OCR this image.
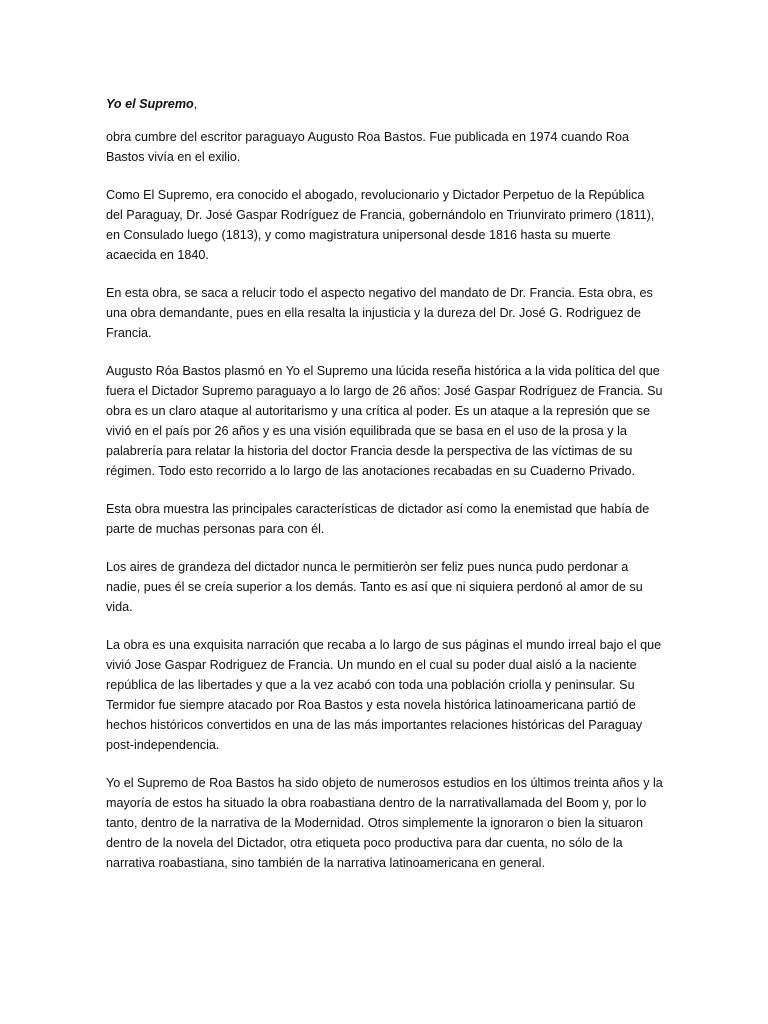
Yo el Supremo,

obra cumbre del escritor paraguayo Augusto Roa Bastos. Fue publicada en 1974 cuando Roa
Bastos vivía en el exilio.
Como El Supremo, era conocido el abogado, revolucionario y Dictador Perpetuo de la República
del Paraguay, Dr. José Gaspar Rodríguez de Francia, gobernándolo en Triunvirato primero (1811),
en Consulado luego (1813), y como magistratura unipersonal desde 1816 hasta su muerte
acaecida en 1840.
En esta obra, se saca a relucir todo el aspecto negativo del mandato de Dr. Francia. Esta obra, es
una obra demandante, pues en ella resalta la injusticia y la dureza del Dr. José G. Rodriguez de
Francia.
Augusto Róa Bastos plasmó en Yo el Supremo una lúcida reseña histórica a la vida política del que
fuera el Dictador Supremo paraguayo a lo largo de 26 años: José Gaspar Rodríguez de Francia. Su
obra es un claro ataque al autoritarismo y una crítica al poder. Es un ataque a la represión que se
vivió en el país por 26 años y es una visión equilibrada que se basa en el uso de la prosa y la
palabrería para relatar la historia del doctor Francia desde la perspectiva de las víctimas de su
régimen. Todo esto recorrido a lo largo de las anotaciones recabadas en su Cuaderno Privado.
Esta obra muestra las principales características de dictador así como la enemistad que había de
parte de muchas personas para con él.
Los aires de grandeza del dictador nunca le permitieròn ser feliz pues nunca pudo perdonar a
nadie, pues él se creía superior a los demás. Tanto es así que ni siquiera perdonó al amor de su
vida.
La obra es una exquisita narración que recaba a lo largo de sus páginas el mundo irreal bajo el que
vivió Jose Gaspar Rodriguez de Francia. Un mundo en el cual su poder dual aisló a la naciente
república de las libertades y que a la vez acabó con toda una población criolla y peninsular. Su
Termidor fue siempre atacado por Roa Bastos y esta novela histórica latinoamericana partió de
hechos históricos convertidos en una de las más importantes relaciones históricas del Paraguay
post-independencia.
Yo el Supremo de Roa Bastos ha sido objeto de numerosos estudios en los últimos treinta años y la
mayoría de estos ha situado la obra roabastiana dentro de la narrativallamada del Boom y, por lo
tanto, dentro de la narrativa de la Modernidad. Otros simplemente la ignoraron o bien la situaron
dentro de la novela del Dictador, otra etiqueta poco productiva para dar cuenta, no sólo de la
narrativa roabastiana, sino también de la narrativa latinoamericana en general.
